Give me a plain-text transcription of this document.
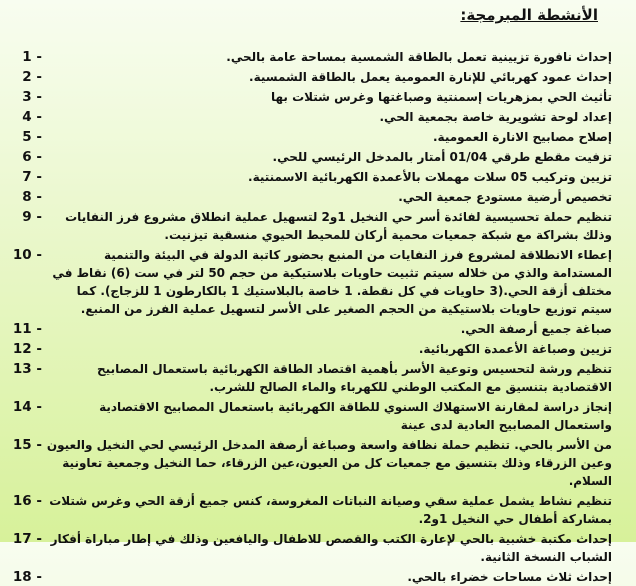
الأنشطة المبرمجة:
إحداث نافورة تزيينية تعمل بالطاقة الشمسية بمساحة عامة بالحي.
1 -
إحداث عمود كهربائي للإنارة العمومية يعمل بالطاقة الشمسية.
2 -
تأثيث الحي بمزهريات إسمنتية وصباغتها وغرس شتلات بها
3 -
إعداد لوحة تشويرية خاصة بجمعية الحي.
4 -
إصلاح مصابيح الانارة العمومية.
5 -
تزفيت مقطع طرقي 01/04 أمتار بالمدخل الرئيسي للحي.
6 -
تزيين وتركيب 05 سلات مهملات بالأعمدة الكهربائية الاسمنتية.
7 -
تخصيص أرضية مستودع جمعية الحي.
8 -
تنظيم حملة تحسيسية لفائدة أسر حي النخيل 1و2 لتسهيل عملية انطلاق مشروع فرز النفايات وذلك بشراكة مع شبكة جمعيات محمية أركان للمحيط الحيوي منسقية تيزنيت.
9 -
إعطاء الانطلاقة لمشروع فرز النفايات من المنبع بحضور كاتبة الدولة في البيئة والتنمية المستدامة والذي من خلاله سيتم تثبيت حاويات بلاستيكية من حجم 50 لتر في ست (6) نقاط في مختلف أزقة الحي.(3 حاويات في كل نقطة. 1 خاصة بالبلاستيك 1 بالكارطون 1 للزجاج). كما سيتم توزيع حاويات بلاستيكية من الحجم الصغير على الأسر لتسهيل عملية الفرز من المنبع.
10 -
صباغة جميع أرصفة الحي.
11 -
تزيين وصباغة الأعمدة الكهربائية.
12 -
تنظيم ورشة لتحسيس وتوعية الأسر بأهمية اقتصاد الطاقة الكهربائية باستعمال المصابيح الاقتصادية بتنسيق مع المكتب الوطني للكهرباء والماء الصالح للشرب.
13 -
إنجاز دراسة لمقارنة الاستهلاك السنوي للطاقة الكهربائية باستعمال المصابيح الاقتصادية واستعمال المصابيح العادية لدى عينة
14 -
من الأسر بالحي. تنظيم حملة نظافة واسعة وصباغة أرصفة المدخل الرئيسي لحي النخيل والعيون وعين الزرقاء وذلك بتنسيق مع جمعيات كل من العيون،عين الزرقاء، حما النخيل وجمعية تعاونية السلام.
15 -
تنظيم نشاط يشمل عملية سقي وصيانة النباتات المغروسة، كنس جميع أزقة الحي وغرس شتلات بمشاركة أطفال حي النخيل 1و2.
16 -
إحداث مكتبة خشبية بالحي لإعارة الكتب والقصص للاطفال واليافعين وذلك في إطار مباراة أفكار الشباب النسخة الثانية.
17 -
إحداث ثلاث مساحات خضراء بالحي.
18 -
